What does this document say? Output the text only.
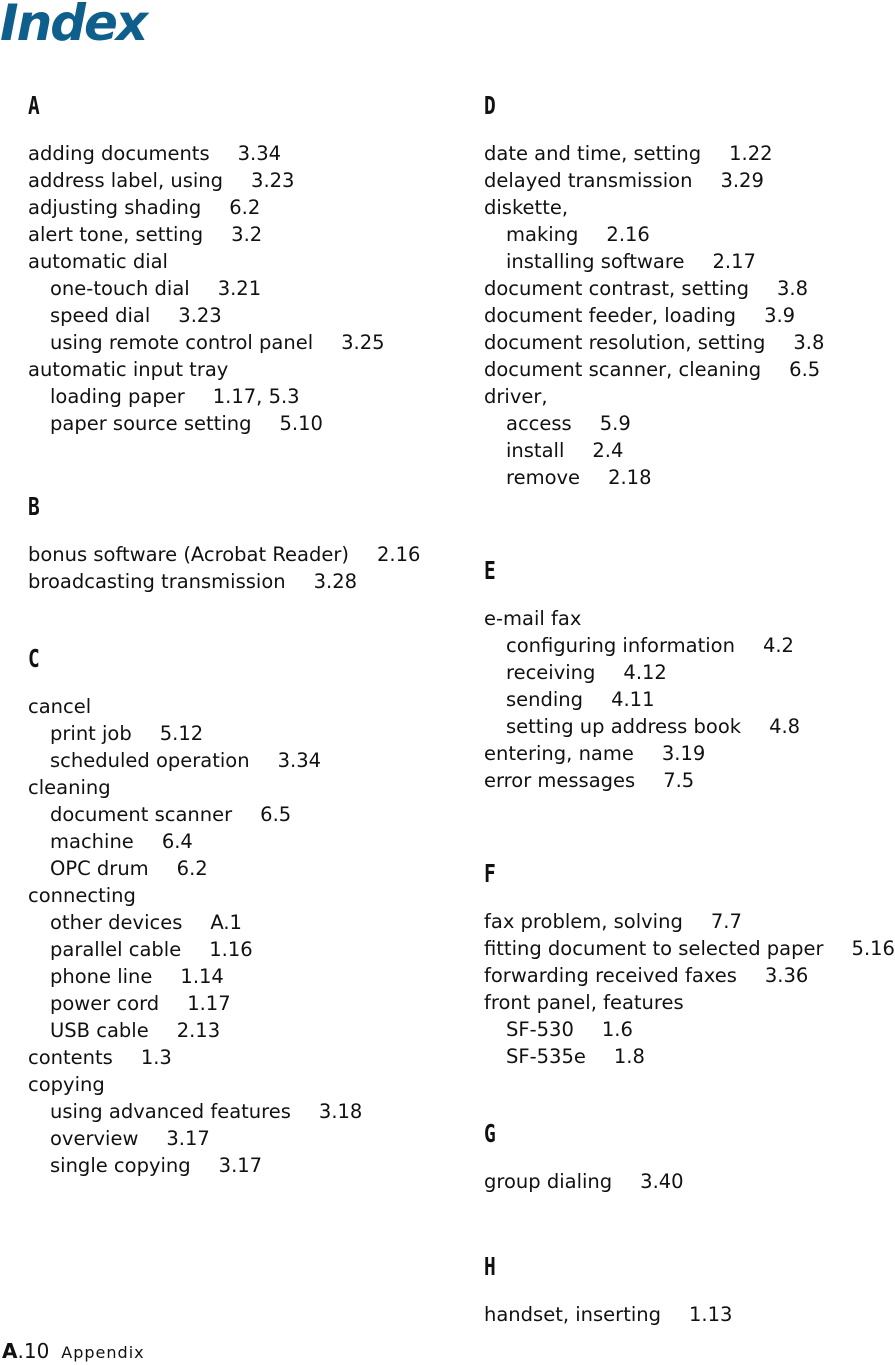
Index
A
adding documents 3.34
address label, using 3.23
adjusting shading 6.2
alert tone, setting 3.2
automatic dial
one-touch dial 3.21
speed dial 3.23
using remote control panel 3.25
automatic input tray
loading paper 1.17, 5.3
paper source setting 5.10
B
bonus software (Acrobat Reader) 2.16
broadcasting transmission 3.28
C
cancel
print job 5.12
scheduled operation 3.34
cleaning
document scanner 6.5
machine 6.4
OPC drum 6.2
connecting
other devices A.1
parallel cable 1.16
phone line 1.14
power cord 1.17
USB cable 2.13
contents 1.3
copying
using advanced features 3.18
overview 3.17
single copying 3.17
D
date and time, setting 1.22
delayed transmission 3.29
diskette,
making 2.16
installing software 2.17
document contrast, setting 3.8
document feeder, loading 3.9
document resolution, setting 3.8
document scanner, cleaning 6.5
driver,
access 5.9
install 2.4
remove 2.18
E
e-mail fax
configuring information 4.2
receiving 4.12
sending 4.11
setting up address book 4.8
entering, name 3.19
error messages 7.5
F
fax problem, solving 7.7
fitting document to selected paper 5.16
forwarding received faxes 3.36
front panel, features
SF-530 1.6
SF-535e 1.8
G
group dialing 3.40
H
handset, inserting 1.13
A.10 Appendix
